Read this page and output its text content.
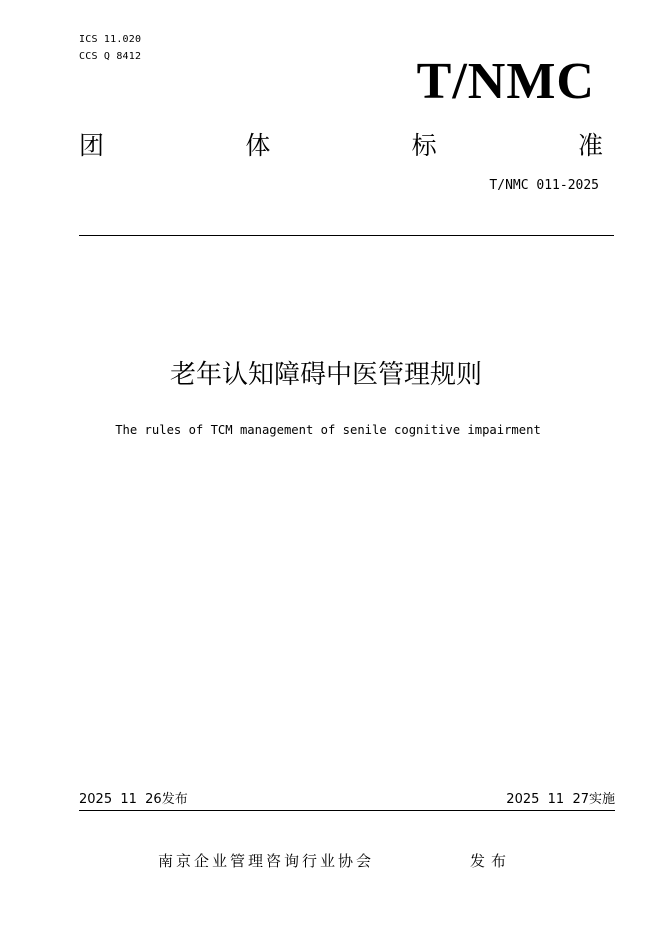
ICS 11.020
CCS Q 8412	T/NMC
团	体	标	准
T/NMC 011-2025
老年认知障碍中医管理规则
The rules of TCM management of senile cognitive impairment
2025  11  26发布	2025  11  27实施
南京企业管理咨询行业协会	发布
